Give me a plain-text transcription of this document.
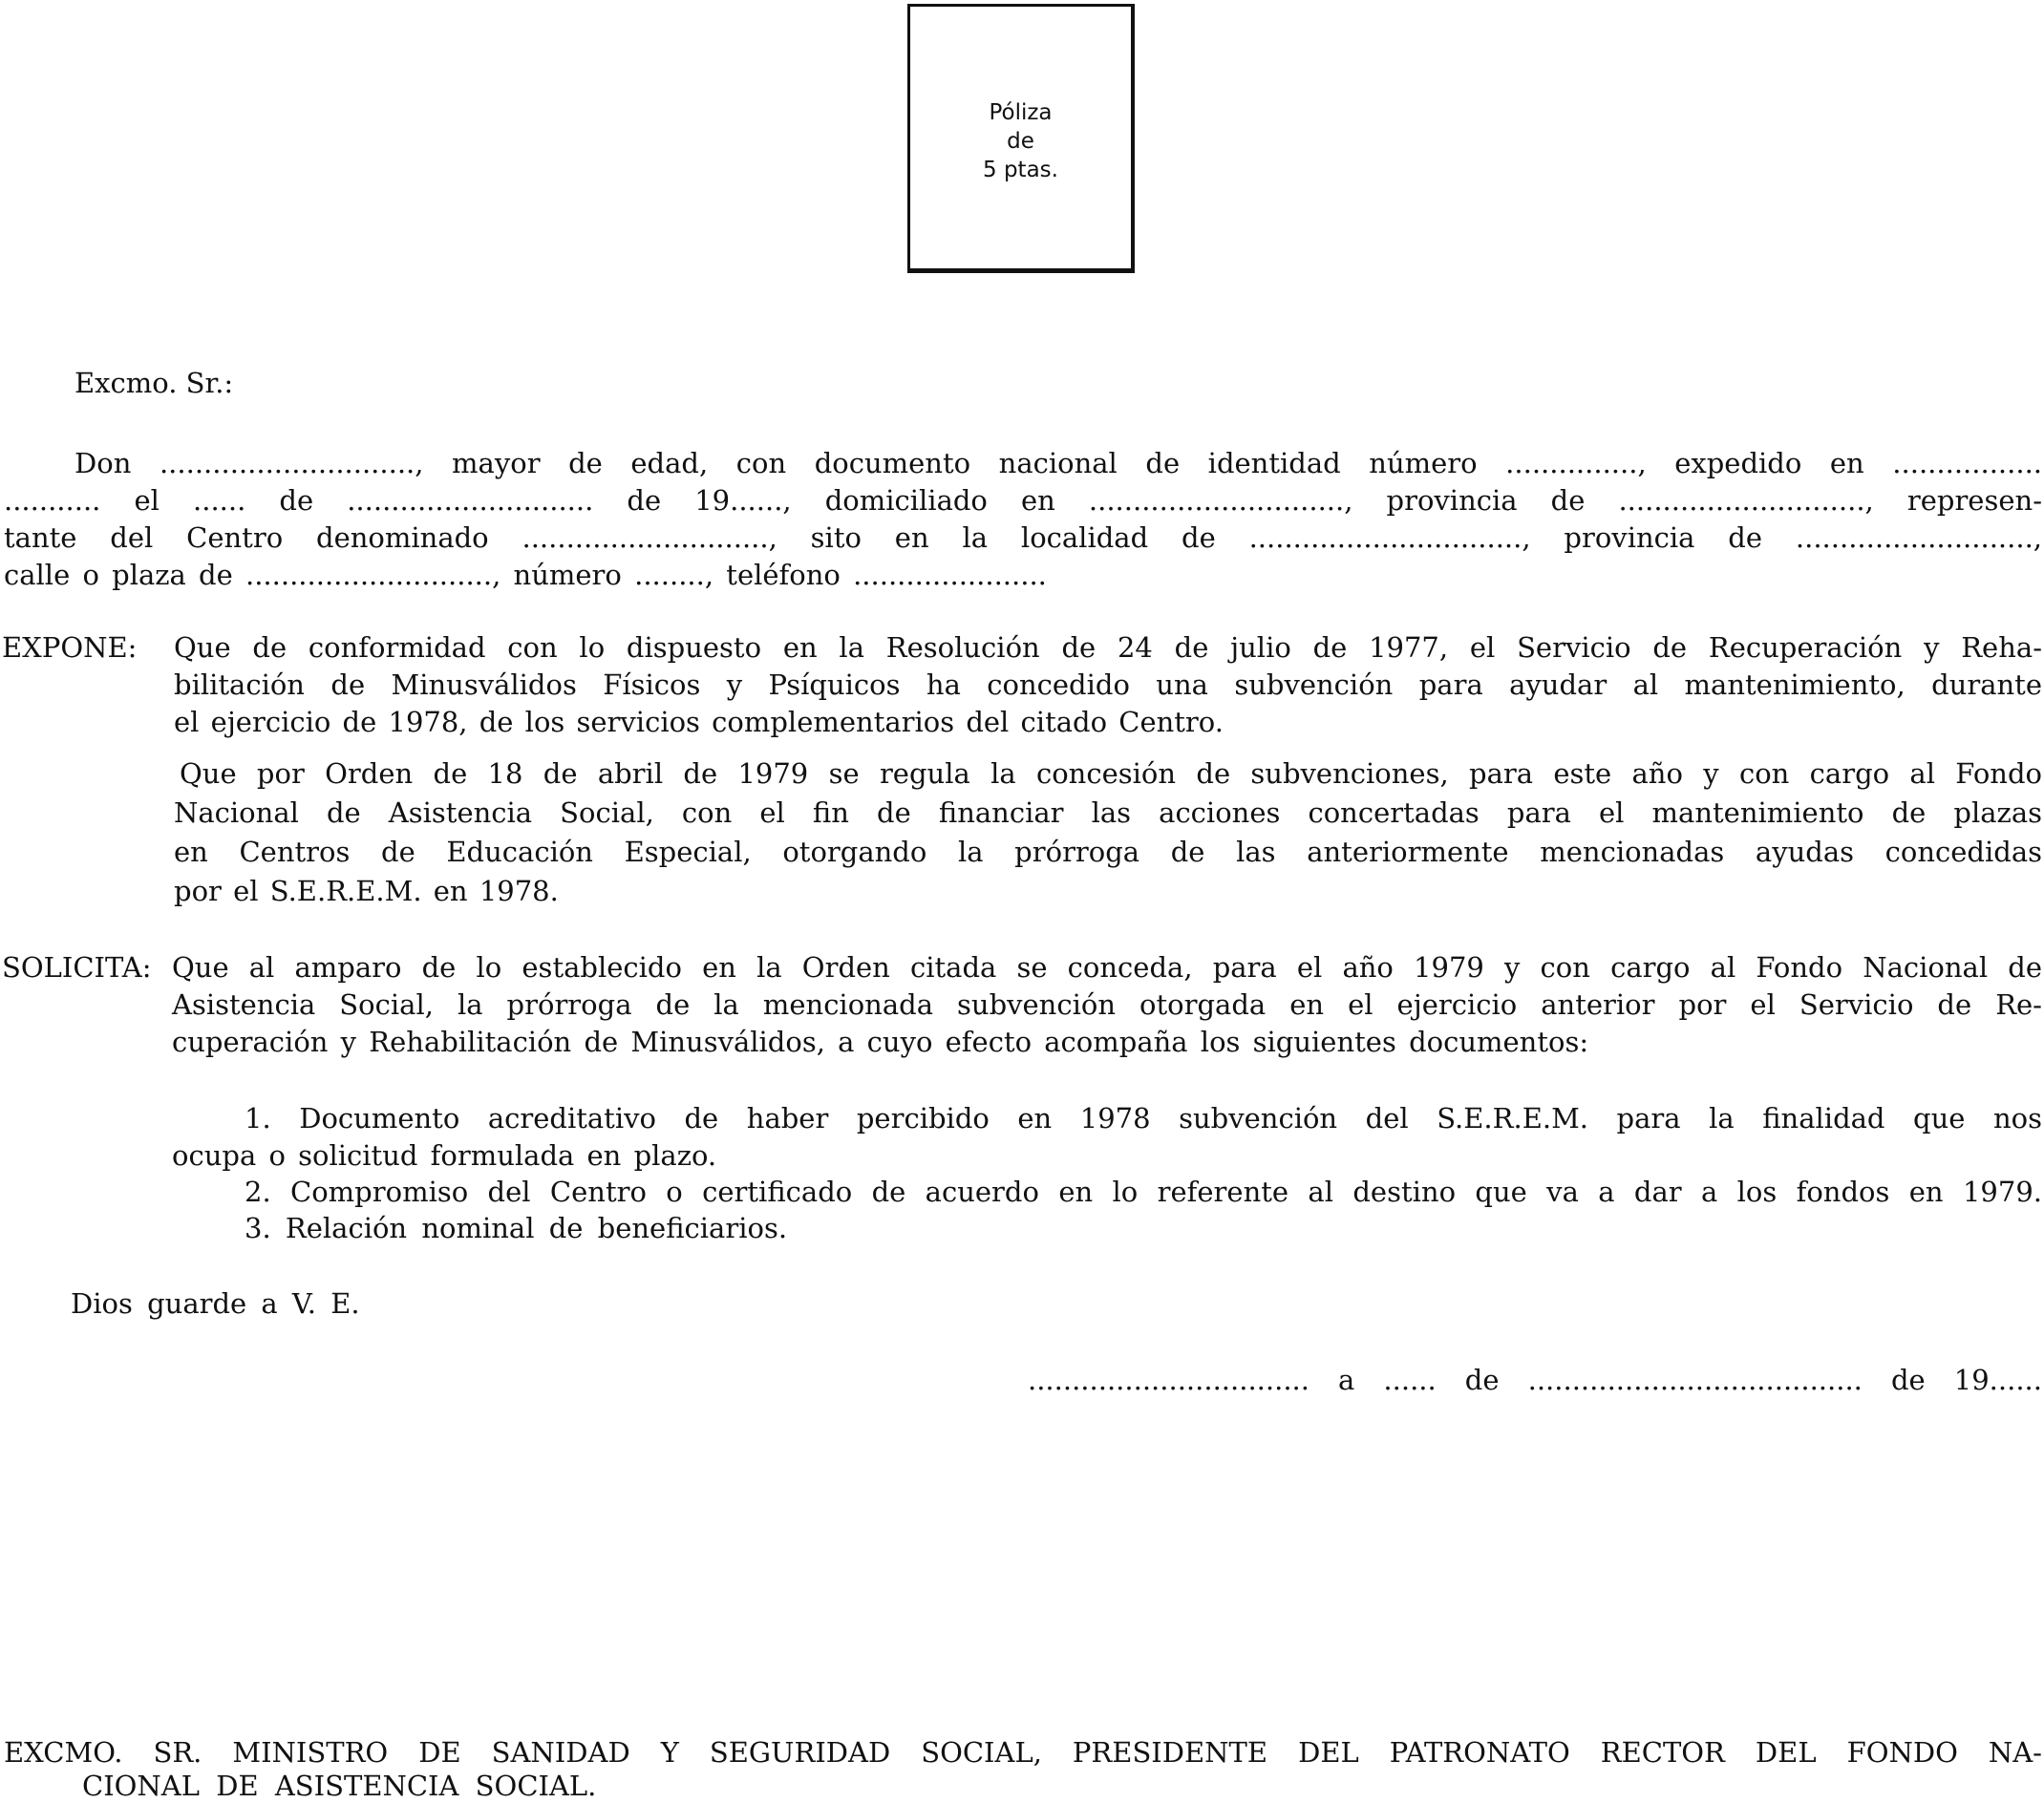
Póliza
de
5 ptas.
Excmo. Sr.:
Don ............................., mayor de edad, con documento nacional de identidad número ..............., expedido en .................
........... el ...... de ............................ de 19......, domiciliado en ............................., provincia de ............................, represen-
tante del Centro denominado ............................, sito en la localidad de ..............................., provincia de ...........................,
calle o plaza de ............................, número ........, teléfono ......................
EXPONE: Que de conformidad con lo dispuesto en la Resolución de 24 de julio de 1977, el Servicio de Recuperación y Reha-
bilitación de Minusválidos Físicos y Psíquicos ha concedido una subvención para ayudar al mantenimiento, durante
el ejercicio de 1978, de los servicios complementarios del citado Centro.
Que por Orden de 18 de abril de 1979 se regula la concesión de subvenciones, para este año y con cargo al Fondo
Nacional de Asistencia Social, con el fin de financiar las acciones concertadas para el mantenimiento de plazas
en Centros de Educación Especial, otorgando la prórroga de las anteriormente mencionadas ayudas concedidas
por el S.E.R.E.M. en 1978.
SOLICITA: Que al amparo de lo establecido en la Orden citada se conceda, para el año 1979 y con cargo al Fondo Nacional de
Asistencia Social, la prórroga de la mencionada subvención otorgada en el ejercicio anterior por el Servicio de Re-
cuperación y Rehabilitación de Minusválidos, a cuyo efecto acompaña los siguientes documentos:
1. Documento acreditativo de haber percibido en 1978 subvención del S.E.R.E.M. para la finalidad que nos
ocupa o solicitud formulada en plazo.
2. Compromiso del Centro o certificado de acuerdo en lo referente al destino que va a dar a los fondos en 1979.
3. Relación nominal de beneficiarios.
Dios guarde a V. E.
................................ a ...... de ...................................... de 19......
EXCMO. SR. MINISTRO DE SANIDAD Y SEGURIDAD SOCIAL, PRESIDENTE DEL PATRONATO RECTOR DEL FONDO NA-
CIONAL DE ASISTENCIA SOCIAL.
